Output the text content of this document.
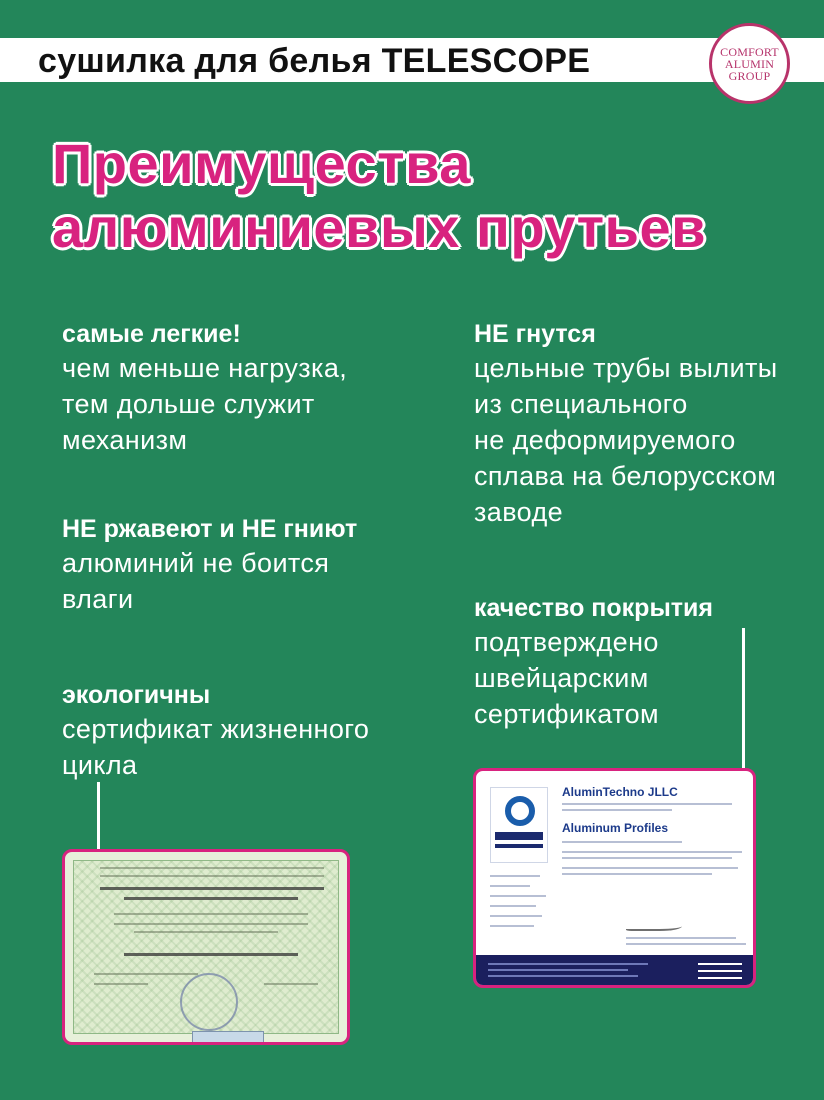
сушилка для белья TELESCOPE	COMFORT
ALUMIN
GROUP
Преимущества
алюминиевых прутьев
самые легкие!
чем меньше нагрузка,
тем дольше служит
механизм
НЕ гнутся
цельные трубы вылиты
из специального
не деформируемого
сплава на белорусском
заводе
НЕ ржавеют и НЕ гниют
алюминий не боится
влаги	качество покрытия
подтверждено
швейцарским
сертификатом
экологичны
сертификат жизненного
цикла
AluminTechno JLLC
Aluminum Profiles
